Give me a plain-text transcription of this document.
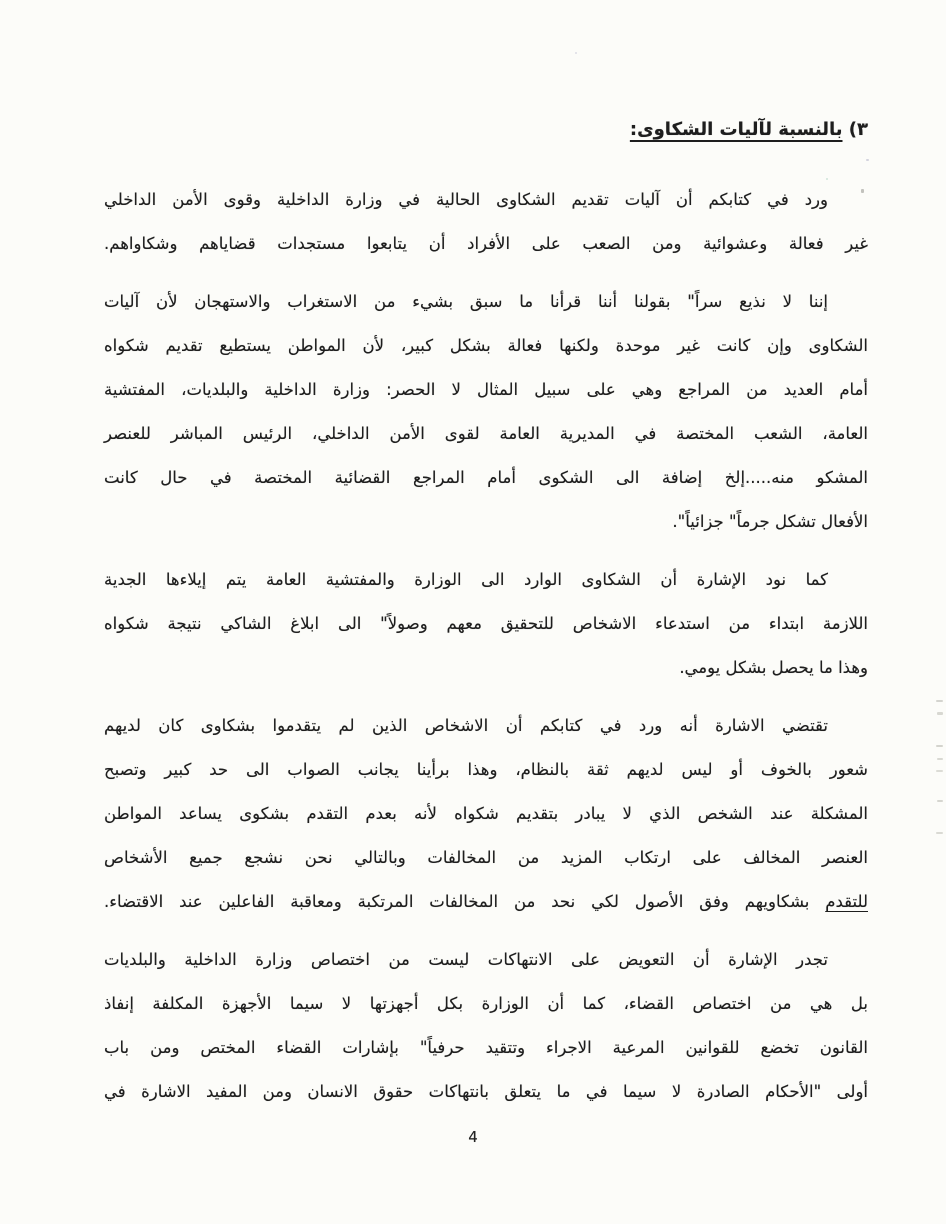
٣) بالنسبة لآليات الشكاوى:
ورد في كتابكم أن آليات تقديم الشكاوى الحالية في وزارة الداخلية وقوى الأمن الداخلي
غير فعالة وعشوائية ومن الصعب على الأفراد أن يتابعوا مستجدات قضاياهم وشكاواهم.
إننا لا نذيع سراً" بقولنا أننا قرأنا ما سبق بشيء من الاستغراب والاستهجان لأن آليات
الشكاوى وإن كانت غير موحدة ولكنها فعالة بشكل كبير، لأن المواطن يستطيع تقديم شكواه
أمام العديد من المراجع وهي على سبيل المثال لا الحصر: وزارة الداخلية والبلديات، المفتشية
العامة، الشعب المختصة في المديرية العامة لقوى الأمن الداخلي، الرئيس المباشر للعنصر
المشكو منه.....إلخ إضافة الى الشكوى أمام المراجع القضائية المختصة في حال كانت
الأفعال تشكل جرماً" جزائياً".
كما نود الإشارة أن الشكاوى الوارد الى الوزارة والمفتشية العامة يتم إيلاءها الجدية
اللازمة ابتداء من استدعاء الاشخاص للتحقيق معهم وصولاً" الى ابلاغ الشاكي نتيجة شكواه
وهذا ما يحصل بشكل يومي.
تقتضي الاشارة أنه ورد في كتابكم أن الاشخاص الذين لم يتقدموا بشكاوى كان لديهم
شعور بالخوف أو ليس لديهم ثقة بالنظام، وهذا برأينا يجانب الصواب الى حد كبير وتصبح
المشكلة عند الشخص الذي لا يبادر بتقديم شكواه لأنه بعدم التقدم بشكوى يساعد المواطن
العنصر المخالف على ارتكاب المزيد من المخالفات وبالتالي نحن نشجع جميع الأشخاص
للتقدم بشكاويهم وفق الأصول لكي نحد من المخالفات المرتكبة ومعاقبة الفاعلين عند الاقتضاء.
تجدر الإشارة أن التعويض على الانتهاكات ليست من اختصاص وزارة الداخلية والبلديات
بل هي من اختصاص القضاء، كما أن الوزارة بكل أجهزتها لا سيما الأجهزة المكلفة إنفاذ
القانون تخضع للقوانين المرعية الاجراء وتتقيد حرفياً" بإشارات القضاء المختص ومن باب
أولى "الأحكام الصادرة لا سيما في ما يتعلق بانتهاكات حقوق الانسان ومن المفيد الاشارة في
4
